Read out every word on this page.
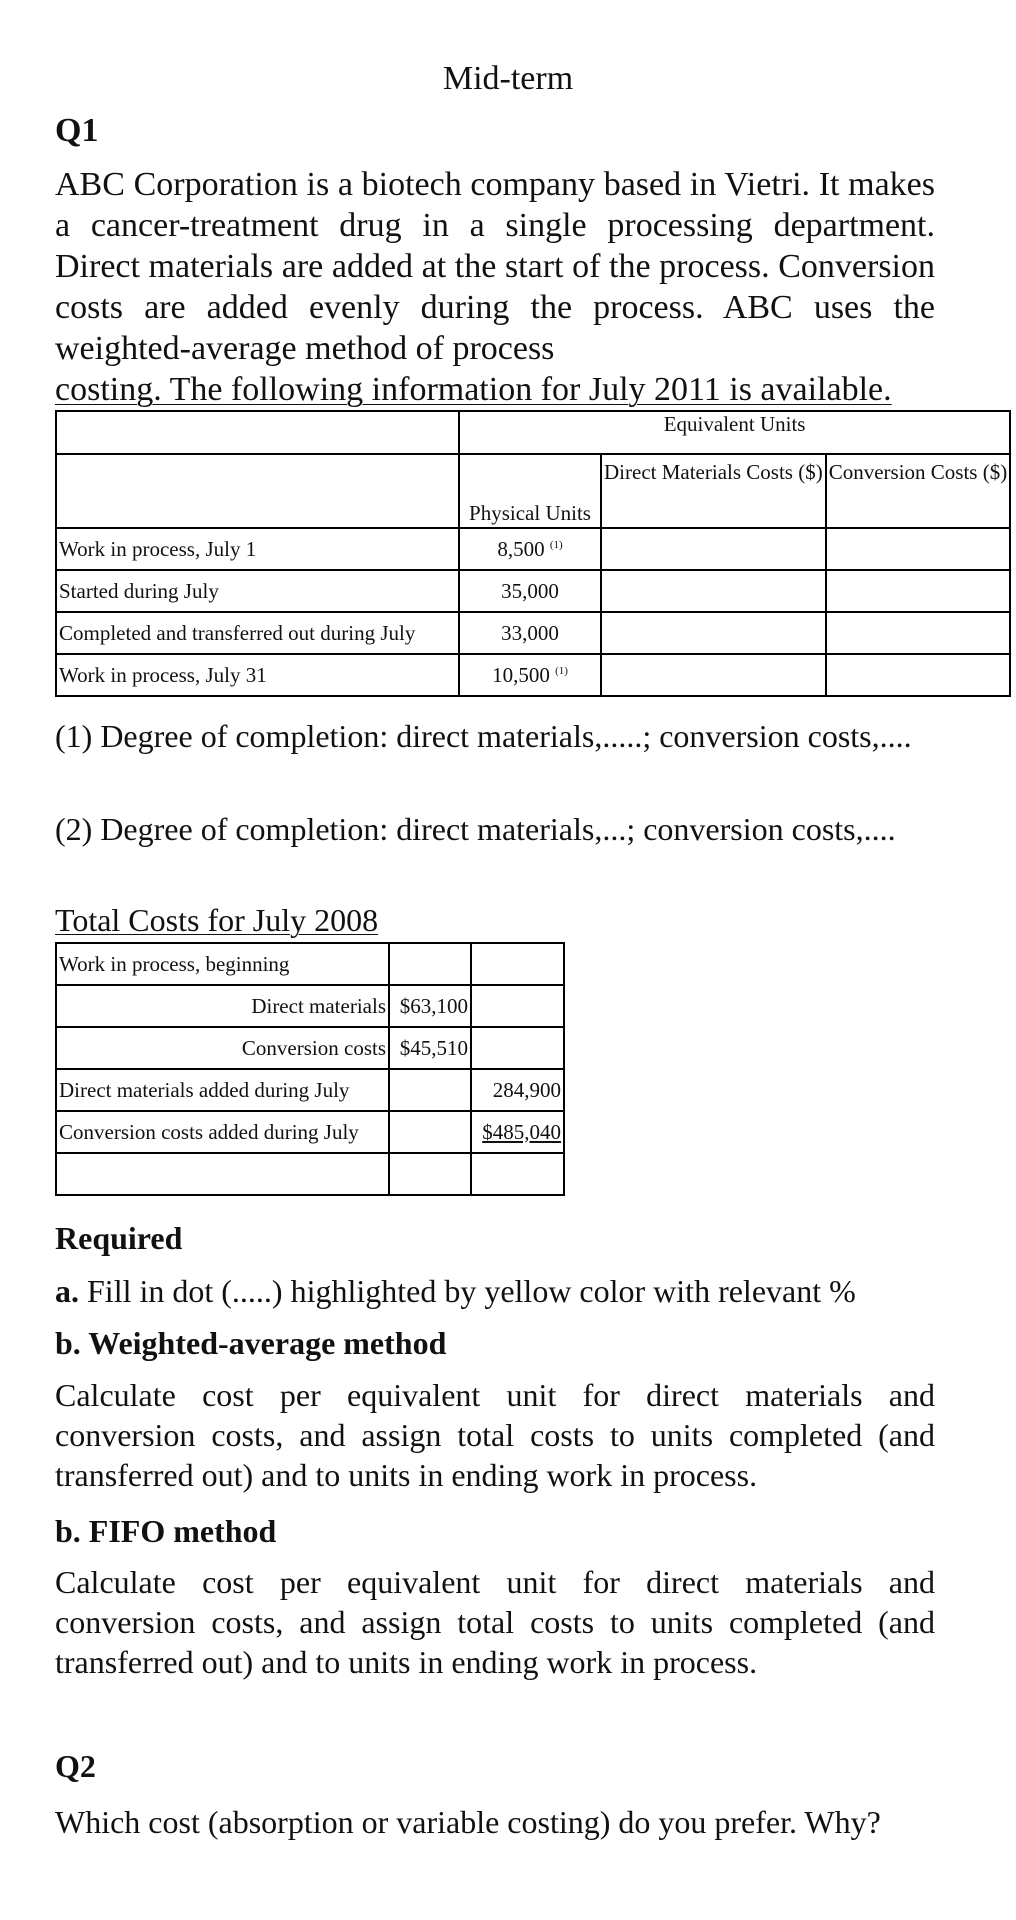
Mid-term
Q1
ABC Corporation is a biotech company based in Vietri. It makes a cancer-treatment drug in a single processing department. Direct materials are added at the start of the process. Conversion costs are added evenly during the process. ABC uses the weighted-average method of process
costing. The following information for July 2011 is available.
	Equivalent Units		
	Physical Units	Direct Materials Costs ($)	Conversion Costs ($)
Work in process, July 1	8,500 $^{(1)}$		
Started during July	35,000		
Completed and transferred out during July	33,000		
Work in process, July 31	10,500 $^{(1)}$		
(1) Degree of completion: direct materials,.....; conversion costs,....
(2) Degree of completion: direct materials,...; conversion costs,....
Total Costs for July 2008
Work in process, beginning		
Direct materials	$63,100	
Conversion costs	$45,510	
Direct materials added during July		284,900
Conversion costs added during July		$485,040

Required
a. Fill in dot (.....) highlighted by yellow color with relevant %
b. Weighted-average method
Calculate cost per equivalent unit for direct materials and conversion costs, and assign total costs to units completed (and transferred out) and to units in ending work in process.
b. FIFO method
Calculate cost per equivalent unit for direct materials and conversion costs, and assign total costs to units completed (and transferred out) and to units in ending work in process.
Q2
Which cost (absorption or variable costing) do you prefer. Why?
